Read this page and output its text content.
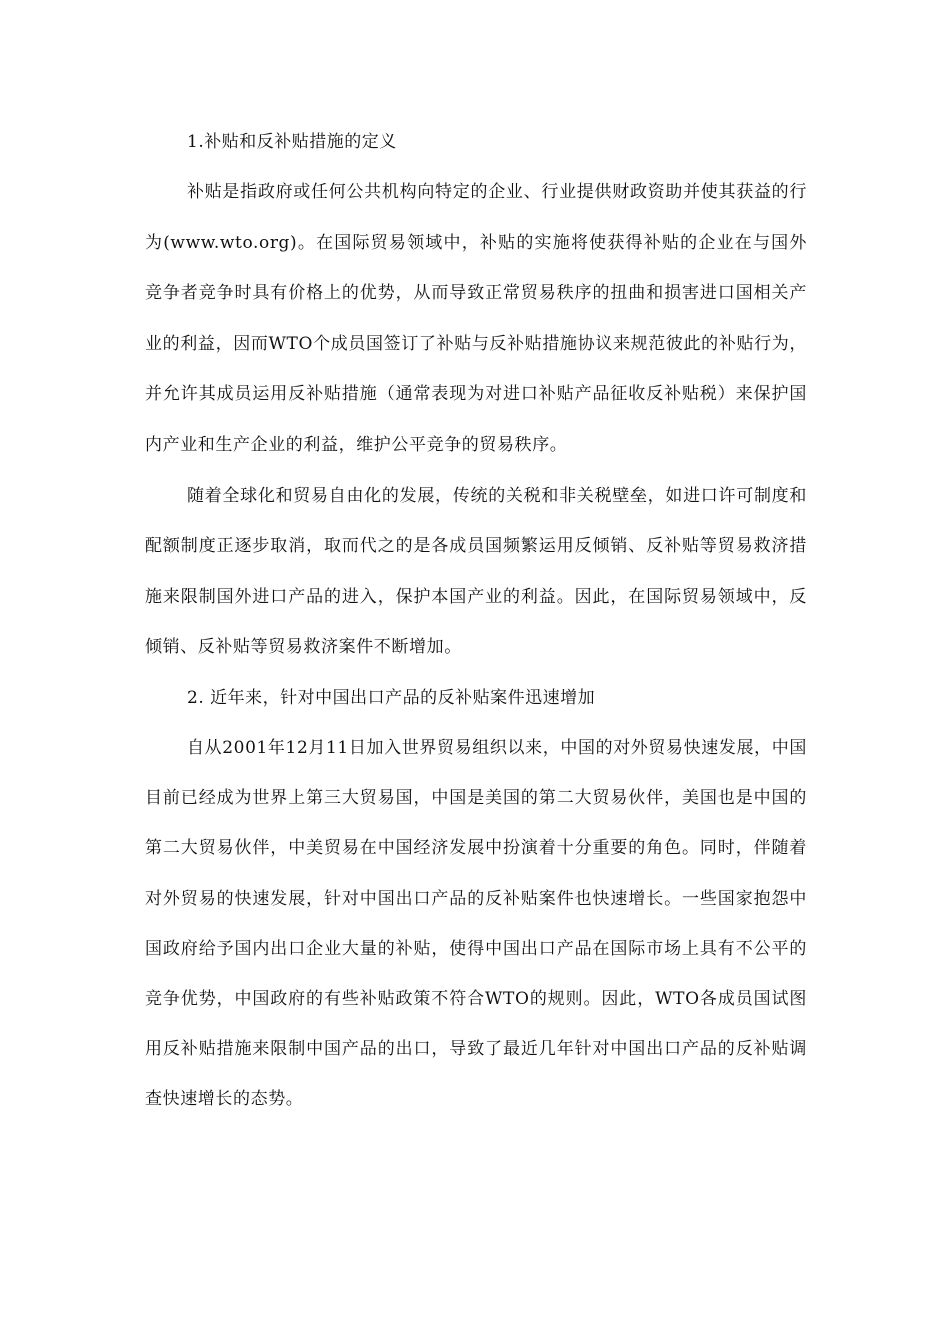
1.补贴和反补贴措施的定义

补贴是指政府或任何公共机构向特定的企业、行业提供财政资助并使其获益的行为(www.wto.org)。在国际贸易领域中，补贴的实施将使获得补贴的企业在与国外竞争者竞争时具有价格上的优势，从而导致正常贸易秩序的扭曲和损害进口国相关产业的利益，因而WTO个成员国签订了补贴与反补贴措施协议来规范彼此的补贴行为，并允许其成员运用反补贴措施（通常表现为对进口补贴产品征收反补贴税）来保护国内产业和生产企业的利益，维护公平竞争的贸易秩序。

随着全球化和贸易自由化的发展，传统的关税和非关税壁垒，如进口许可制度和配额制度正逐步取消，取而代之的是各成员国频繁运用反倾销、反补贴等贸易救济措施来限制国外进口产品的进入，保护本国产业的利益。因此，在国际贸易领域中，反倾销、反补贴等贸易救济案件不断增加。

2. 近年来，针对中国出口产品的反补贴案件迅速增加

自从2001年12月11日加入世界贸易组织以来，中国的对外贸易快速发展，中国目前已经成为世界上第三大贸易国，中国是美国的第二大贸易伙伴，美国也是中国的第二大贸易伙伴，中美贸易在中国经济发展中扮演着十分重要的角色。同时，伴随着对外贸易的快速发展，针对中国出口产品的反补贴案件也快速增长。一些国家抱怨中国政府给予国内出口企业大量的补贴，使得中国出口产品在国际市场上具有不公平的竞争优势，中国政府的有些补贴政策不符合WTO的规则。因此，WTO各成员国试图用反补贴措施来限制中国产品的出口，导致了最近几年针对中国出口产品的反补贴调查快速增长的态势。
